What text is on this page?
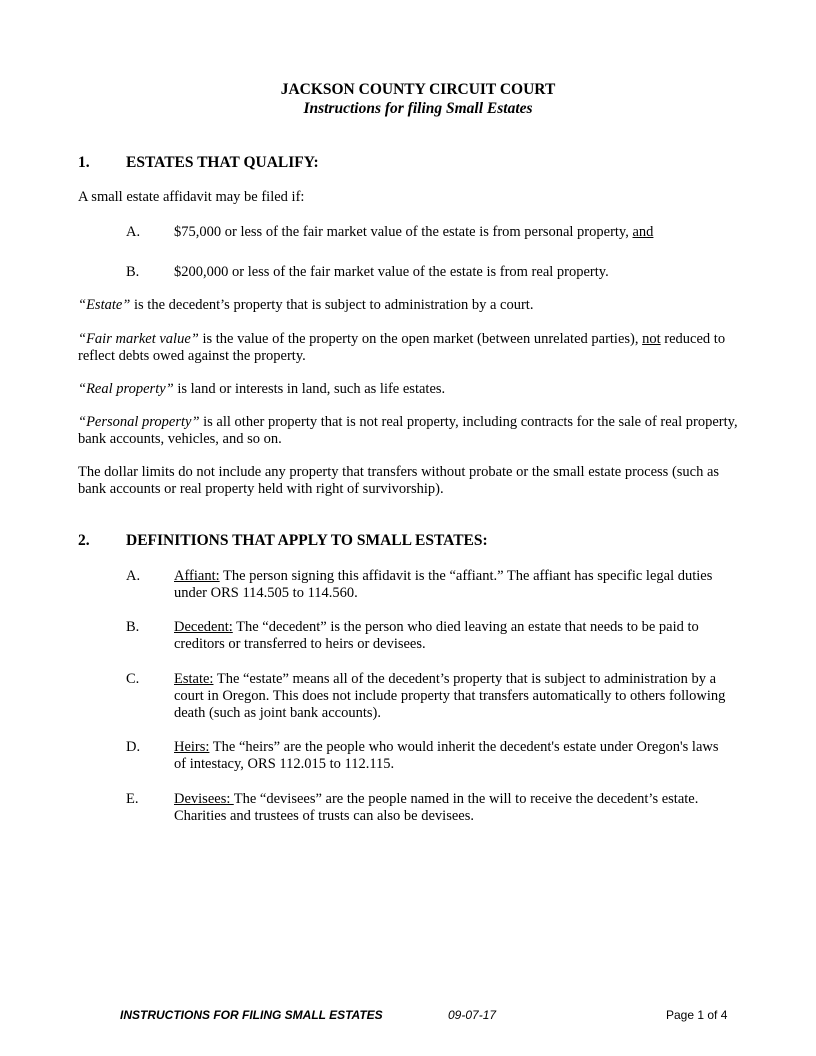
JACKSON COUNTY CIRCUIT COURT
Instructions for filing Small Estates
1. ESTATES THAT QUALIFY:
A small estate affidavit may be filed if:
A. $75,000 or less of the fair market value of the estate is from personal property, and
B. $200,000 or less of the fair market value of the estate is from real property.
“Estate” is the decedent’s property that is subject to administration by a court.
“Fair market value” is the value of the property on the open market (between unrelated parties), not reduced to reflect debts owed against the property.
“Real property” is land or interests in land, such as life estates.
“Personal property” is all other property that is not real property, including contracts for the sale of real property, bank accounts, vehicles, and so on.
The dollar limits do not include any property that transfers without probate or the small estate process (such as bank accounts or real property held with right of survivorship).
2. DEFINITIONS THAT APPLY TO SMALL ESTATES:
A. Affiant: The person signing this affidavit is the “affiant.” The affiant has specific legal duties under ORS 114.505 to 114.560.
B. Decedent: The “decedent” is the person who died leaving an estate that needs to be paid to creditors or transferred to heirs or devisees.
C. Estate: The “estate” means all of the decedent’s property that is subject to administration by a court in Oregon. This does not include property that transfers automatically to others following death (such as joint bank accounts).
D. Heirs: The “heirs” are the people who would inherit the decedent's estate under Oregon's laws of intestacy, ORS 112.015 to 112.115.
E. Devisees: The “devisees” are the people named in the will to receive the decedent’s estate. Charities and trustees of trusts can also be devisees.
INSTRUCTIONS FOR FILING SMALL ESTATES	09-07-17	Page 1 of 4
